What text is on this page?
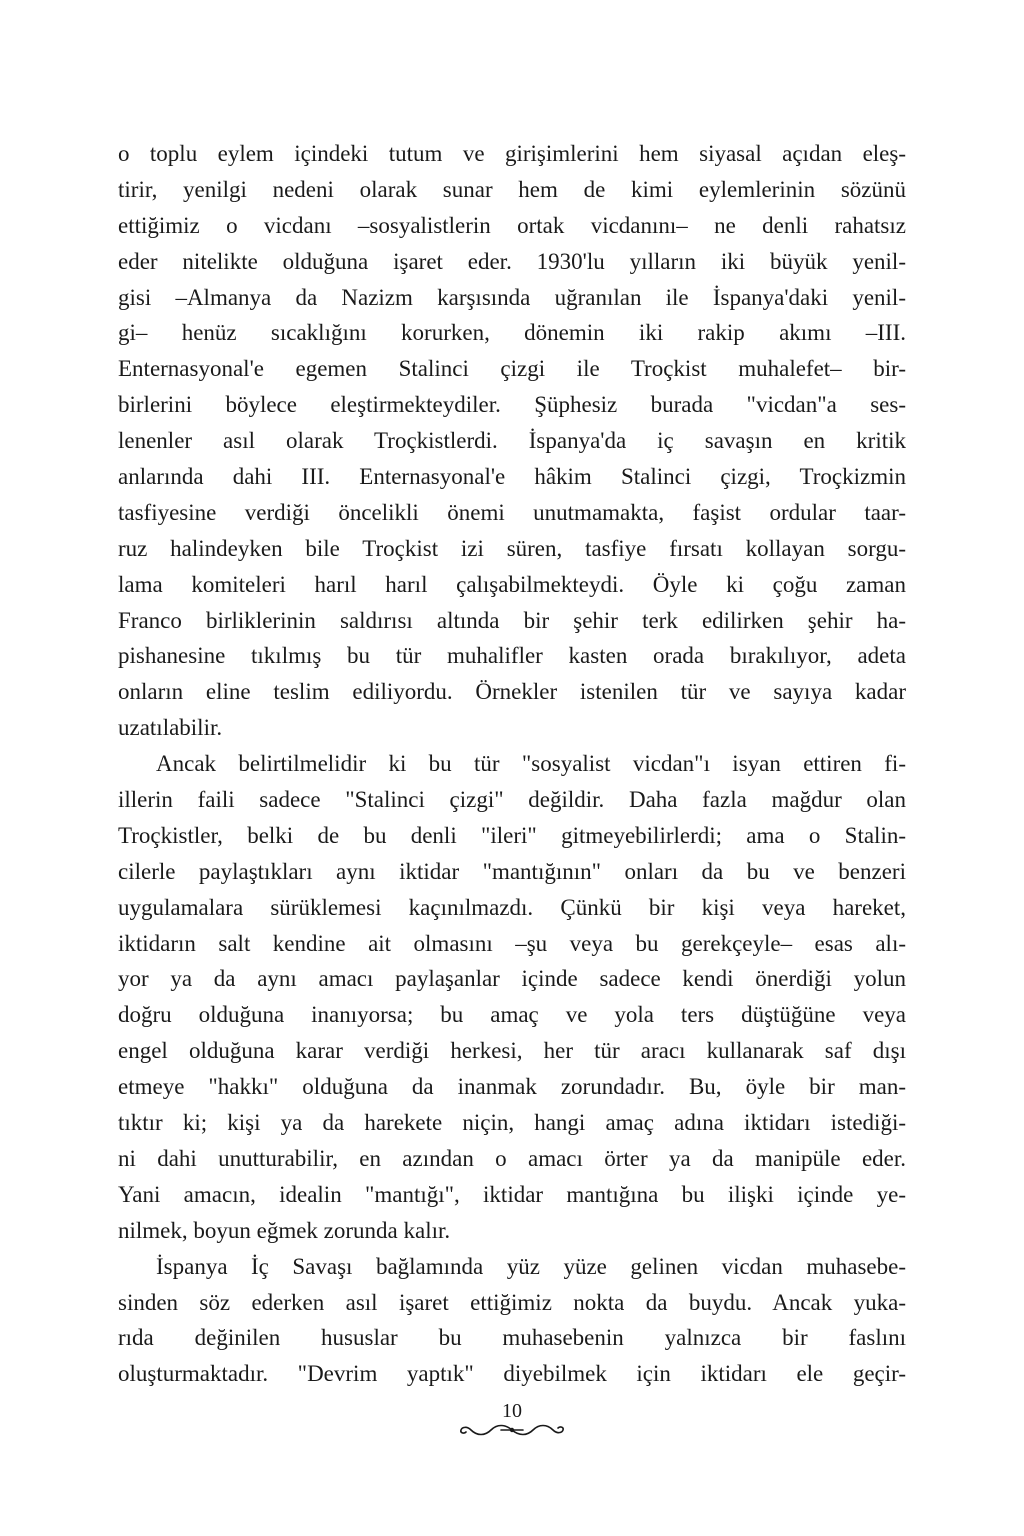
o toplu eylem içindeki tutum ve girişimlerini hem siyasal açıdan eleş-
tirir, yenilgi nedeni olarak sunar hem de kimi eylemlerinin sözünü
ettiğimiz o vicdanı –sosyalistlerin ortak vicdanını– ne denli rahatsız
eder nitelikte olduğuna işaret eder. 1930'lu yılların iki büyük yenil-
gisi –Almanya da Nazizm karşısında uğranılan ile İspanya'daki yenil-
gi– henüz sıcaklığını korurken, dönemin iki rakip akımı –III.
Enternasyonal'e egemen Stalinci çizgi ile Troçkist muhalefet– bir-
birlerini böylece eleştirmekteydiler. Şüphesiz burada "vicdan"a ses-
lenenler asıl olarak Troçkistlerdi. İspanya'da iç savaşın en kritik
anlarında dahi III. Enternasyonal'e hâkim Stalinci çizgi, Troçkizmin
tasfiyesine verdiği öncelikli önemi unutmamakta, faşist ordular taar-
ruz halindeyken bile Troçkist izi süren, tasfiye fırsatı kollayan sorgu-
lama komiteleri harıl harıl çalışabilmekteydi. Öyle ki çoğu zaman
Franco birliklerinin saldırısı altında bir şehir terk edilirken şehir ha-
pishanesine tıkılmış bu tür muhalifler kasten orada bırakılıyor, adeta
onların eline teslim ediliyordu. Örnekler istenilen tür ve sayıya kadar
uzatılabilir.
Ancak belirtilmelidir ki bu tür "sosyalist vicdan"ı isyan ettiren fi-
illerin faili sadece "Stalinci çizgi" değildir. Daha fazla mağdur olan
Troçkistler, belki de bu denli "ileri" gitmeyebilirlerdi; ama o Stalin-
cilerle paylaştıkları aynı iktidar "mantığının" onları da bu ve benzeri
uygulamalara sürüklemesi kaçınılmazdı. Çünkü bir kişi veya hareket,
iktidarın salt kendine ait olmasını –şu veya bu gerekçeyle– esas alı-
yor ya da aynı amacı paylaşanlar içinde sadece kendi önerdiği yolun
doğru olduğuna inanıyorsa; bu amaç ve yola ters düştüğüne veya
engel olduğuna karar verdiği herkesi, her tür aracı kullanarak saf dışı
etmeye "hakkı" olduğuna da inanmak zorundadır. Bu, öyle bir man-
tıktır ki; kişi ya da harekete niçin, hangi amaç adına iktidarı istediği-
ni dahi unutturabilir, en azından o amacı örter ya da manipüle eder.
Yani amacın, idealin "mantığı", iktidar mantığına bu ilişki içinde ye-
nilmek, boyun eğmek zorunda kalır.
İspanya İç Savaşı bağlamında yüz yüze gelinen vicdan muhasebe-
sinden söz ederken asıl işaret ettiğimiz nokta da buydu. Ancak yuka-
rıda değinilen hususlar bu muhasebenin yalnızca bir faslını
oluşturmaktadır. "Devrim yaptık" diyebilmek için iktidarı ele geçir-
10
